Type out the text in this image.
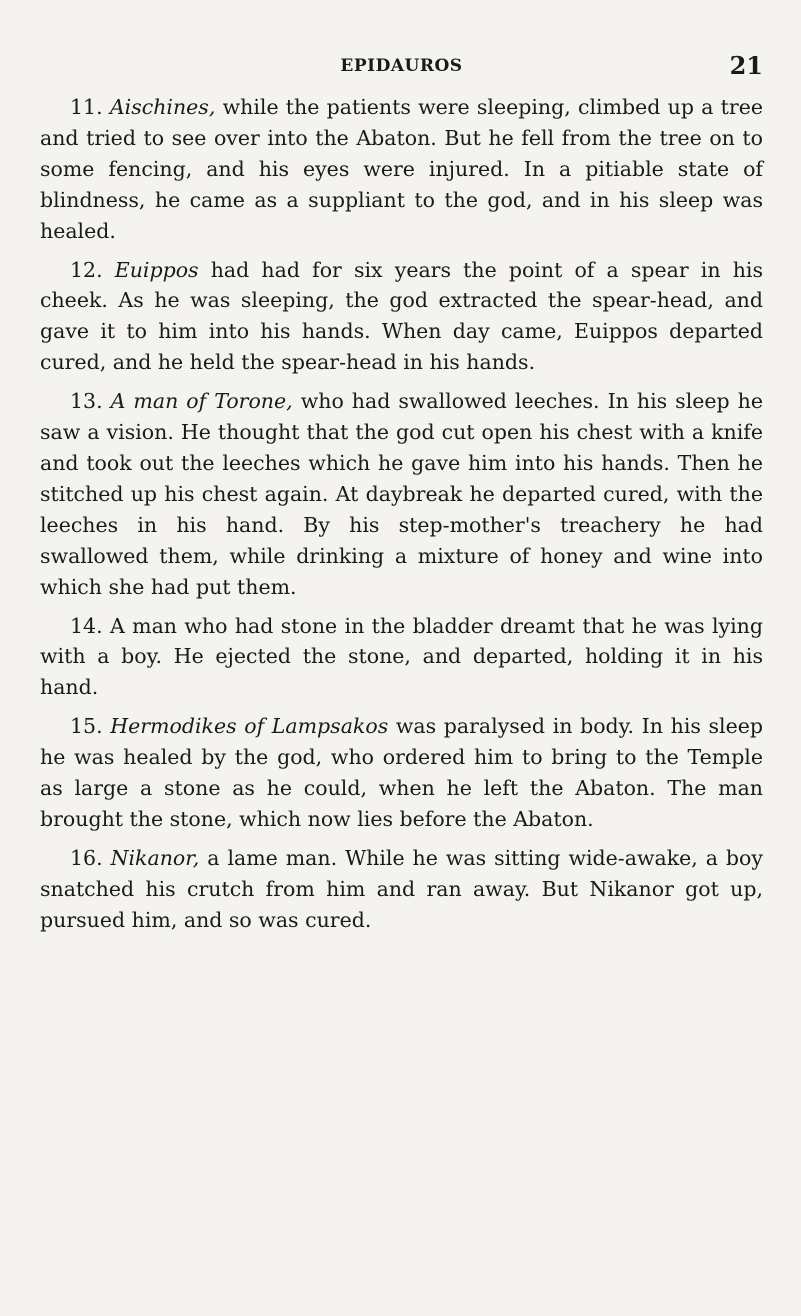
EPIDAUROS	21

11. Aischines, while the patients were sleeping, climbed up a tree and tried to see over into the Abaton. But he fell from the tree on to some fencing, and his eyes were injured. In a pitiable state of blindness, he came as a suppliant to the god, and in his sleep was healed.

12. Euippos had had for six years the point of a spear in his cheek. As he was sleeping, the god extracted the spear-head, and gave it to him into his hands. When day came, Euippos departed cured, and he held the spear-head in his hands.

13. A man of Torone, who had swallowed leeches. In his sleep he saw a vision. He thought that the god cut open his chest with a knife and took out the leeches which he gave him into his hands. Then he stitched up his chest again. At daybreak he departed cured, with the leeches in his hand. By his step-mother's treachery he had swallowed them, while drinking a mixture of honey and wine into which she had put them.

14. A man who had stone in the bladder dreamt that he was lying with a boy. He ejected the stone, and departed, holding it in his hand.

15. Hermodikes of Lampsakos was paralysed in body. In his sleep he was healed by the god, who ordered him to bring to the Temple as large a stone as he could, when he left the Abaton. The man brought the stone, which now lies before the Abaton.

16. Nikanor, a lame man. While he was sitting wide-awake, a boy snatched his crutch from him and ran away. But Nikanor got up, pursued him, and so was cured.
